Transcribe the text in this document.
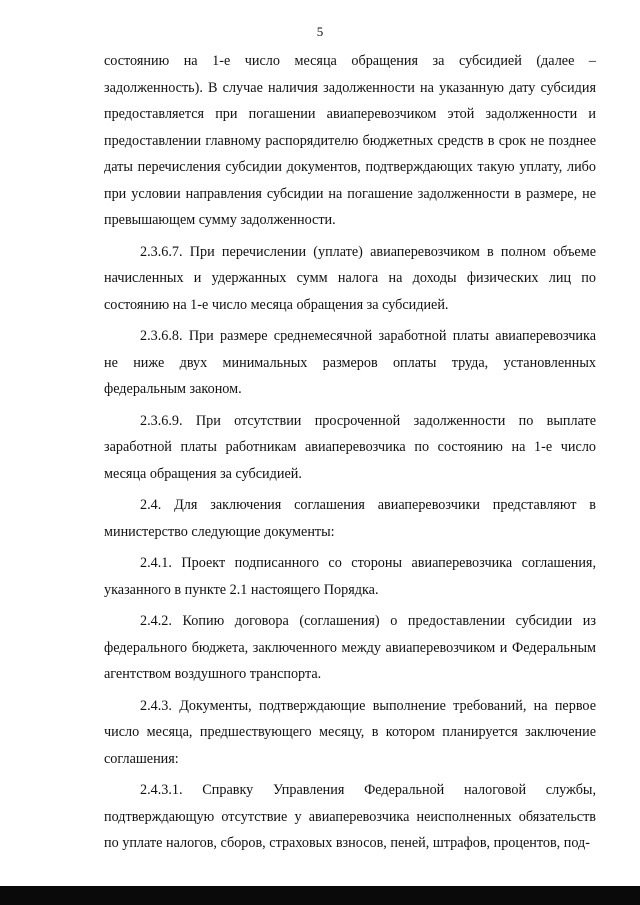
5

состоянию на 1-е число месяца обращения за субсидией (далее – задолженность). В случае наличия задолженности на указанную дату субсидия предоставляется при погашении авиаперевозчиком этой задолженности и предоставлении главному распорядителю бюджетных средств в срок не позднее даты перечисления субсидии документов, подтверждающих такую уплату, либо при условии направления субсидии на погашение задолженности в размере, не превышающем сумму задолженности.

2.3.6.7. При перечислении (уплате) авиаперевозчиком в полном объеме начисленных и удержанных сумм налога на доходы физических лиц по состоянию на 1-е число месяца обращения за субсидией.

2.3.6.8. При размере среднемесячной заработной платы авиаперевозчика не ниже двух минимальных размеров оплаты труда, установленных федеральным законом.

2.3.6.9. При отсутствии просроченной задолженности по выплате заработной платы работникам авиаперевозчика по состоянию на 1-е число месяца обращения за субсидией.

2.4. Для заключения соглашения авиаперевозчики представляют в министерство следующие документы:

2.4.1. Проект подписанного со стороны авиаперевозчика соглашения, указанного в пункте 2.1 настоящего Порядка.

2.4.2. Копию договора (соглашения) о предоставлении субсидии из федерального бюджета, заключенного между авиаперевозчиком и Федеральным агентством воздушного транспорта.

2.4.3. Документы, подтверждающие выполнение требований, на первое число месяца, предшествующего месяцу, в котором планируется заключение соглашения:

2.4.3.1. Справку Управления Федеральной налоговой службы, подтверждающую отсутствие у авиаперевозчика неисполненных обязательств по уплате налогов, сборов, страховых взносов, пеней, штрафов, процентов, под-
